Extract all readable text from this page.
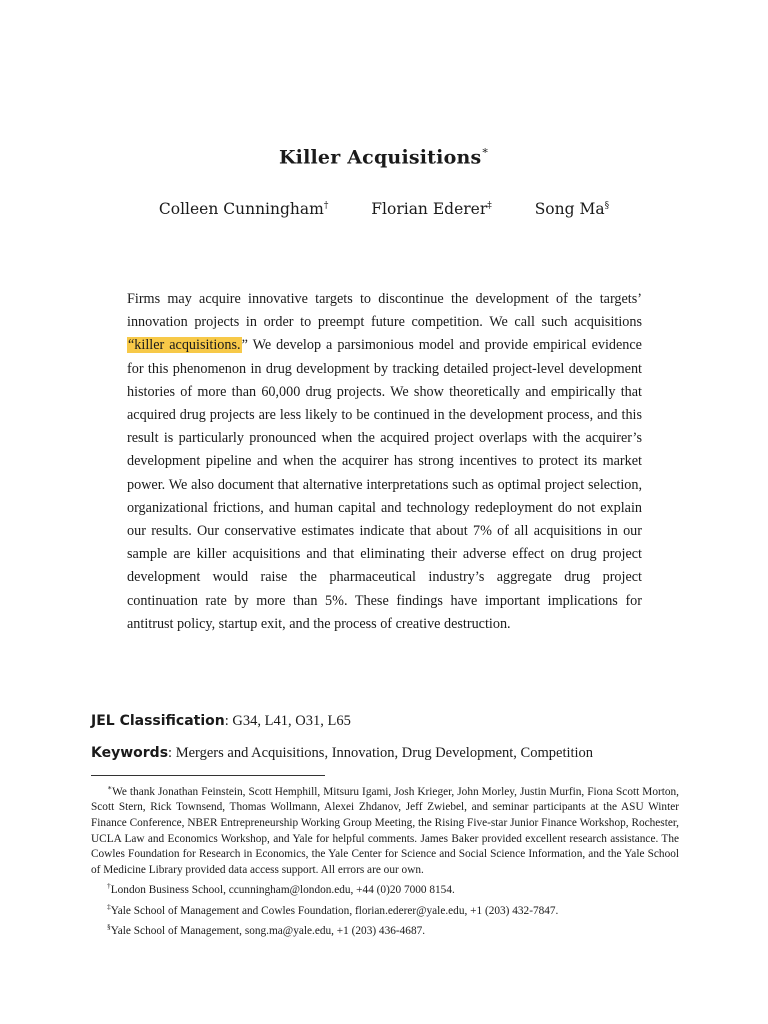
Killer Acquisitions∗
Colleen Cunningham†	Florian Ederer‡	Song Ma§
Firms may acquire innovative targets to discontinue the development of the targets’ innovation projects in order to preempt future competition. We call such acquisitions “killer acquisitions.” We develop a parsimonious model and provide empirical evidence for this phenomenon in drug development by tracking detailed project-level development histories of more than 60,000 drug projects. We show theoretically and empirically that acquired drug projects are less likely to be continued in the development process, and this result is particularly pronounced when the acquired project overlaps with the acquirer’s development pipeline and when the acquirer has strong incentives to protect its market power. We also document that alternative interpretations such as optimal project selection, organizational frictions, and human capital and technology redeployment do not explain our results. Our conservative estimates indicate that about 7% of all acquisitions in our sample are killer acquisitions and that eliminating their adverse effect on drug project development would raise the pharmaceutical industry’s aggregate drug project continuation rate by more than 5%. These findings have important implications for antitrust policy, startup exit, and the process of creative destruction.
JEL Classification: G34, L41, O31, L65
Keywords: Mergers and Acquisitions, Innovation, Drug Development, Competition

∗We thank Jonathan Feinstein, Scott Hemphill, Mitsuru Igami, Josh Krieger, John Morley, Justin Murfin, Fiona Scott Morton, Scott Stern, Rick Townsend, Thomas Wollmann, Alexei Zhdanov, Jeff Zwiebel, and seminar participants at the ASU Winter Finance Conference, NBER Entrepreneurship Working Group Meeting, the Rising Five-star Junior Finance Workshop, Rochester, UCLA Law and Economics Workshop, and Yale for helpful comments. James Baker provided excellent research assistance. The Cowles Foundation for Research in Economics, the Yale Center for Science and Social Science Information, and the Yale School of Medicine Library provided data access support. All errors are our own.

†London Business School, ccunningham@london.edu, +44 (0)20 7000 8154.

‡Yale School of Management and Cowles Foundation, florian.ederer@yale.edu, +1 (203) 432-7847.

§Yale School of Management, song.ma@yale.edu, +1 (203) 436-4687.
